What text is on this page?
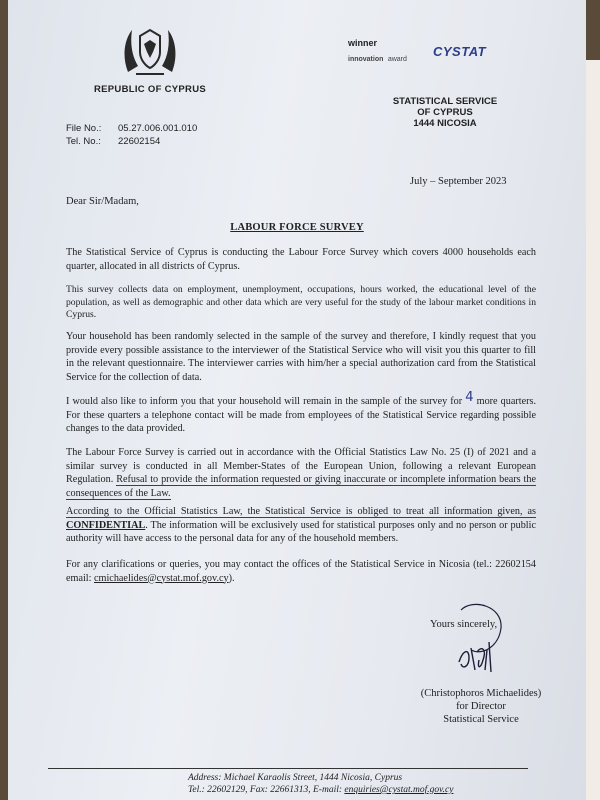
REPUBLIC OF CYPRUS
winner
innovation award
CYSTAT
STATISTICAL SERVICE
OF CYPRUS
1444 NICOSIA
File No.: 05.27.006.001.010
Tel. No.: 22602154
July – September 2023
Dear Sir/Madam,
LABOUR FORCE SURVEY
The Statistical Service of Cyprus is conducting the Labour Force Survey which covers 4000 households each quarter, allocated in all districts of Cyprus.
This survey collects data on employment, unemployment, occupations, hours worked, the educational level of the population, as well as demographic and other data which are very useful for the study of the labour market conditions in Cyprus.
Your household has been randomly selected in the sample of the survey and therefore, I kindly request that you provide every possible assistance to the interviewer of the Statistical Service who will visit you this quarter to fill in the relevant questionnaire. The interviewer carries with him/her a special authorization card from the Statistical Service for the collection of data.
I would also like to inform you that your household will remain in the sample of the survey for 4 more quarters. For these quarters a telephone contact will be made from employees of the Statistical Service regarding possible changes to the data provided.
The Labour Force Survey is carried out in accordance with the Official Statistics Law No. 25 (I) of 2021 and a similar survey is conducted in all Member-States of the European Union, following a relevant European Regulation. Refusal to provide the information requested or giving inaccurate or incomplete information bears the consequences of the Law.
According to the Official Statistics Law, the Statistical Service is obliged to treat all information given, as CONFIDENTIAL. The information will be exclusively used for statistical purposes only and no person or public authority will have access to the personal data for any of the household members.
For any clarifications or queries, you may contact the offices of the Statistical Service in Nicosia (tel.: 22602154 email: cmichaelides@cystat.mof.gov.cy).
Yours sincerely,
(Christophoros Michaelides)
for Director
Statistical Service
Address: Michael Karaolis Street, 1444 Nicosia, Cyprus
Tel.: 22602129, Fax: 22661313, E-mail: enquiries@cystat.mof.gov.cy
